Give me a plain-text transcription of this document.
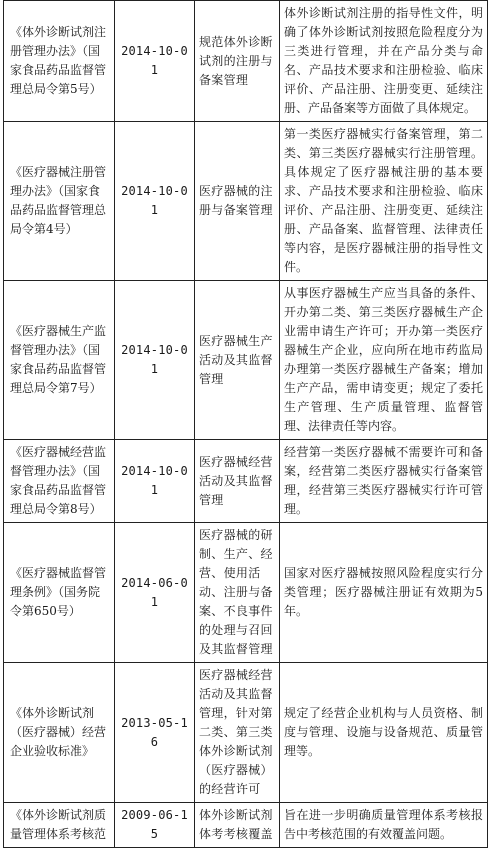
《体外诊断试剂注册管理办法》（国家食品药品监督管理总局令第5号）	2014-10-01	规范体外诊断试剂的注册与备案管理	体外诊断试剂注册的指导性文件，明确了体外诊断试剂按照危险程度分为三类进行管理，并在产品分类与命名、产品技术要求和注册检验、临床评价、产品注册、注册变更、延续注册、产品备案等方面做了具体规定。

《医疗器械注册管理办法》（国家食品药品监督管理总局令第4号）	2014-10-01	医疗器械的注册与备案管理	第一类医疗器械实行备案管理，第二类、第三类医疗器械实行注册管理。具体规定了医疗器械注册的基本要求、产品技术要求和注册检验、临床评价、产品注册、注册变更、延续注册、产品备案、监督管理、法律责任等内容，是医疗器械注册的指导性文件。

《医疗器械生产监督管理办法》（国家食品药品监督管理总局令第7号）	2014-10-01	医疗器械生产活动及其监督管理	从事医疗器械生产应当具备的条件、开办第二类、第三类医疗器械生产企业需申请生产许可；开办第一类医疗器械生产企业，应向所在地市药监局办理第一类医疗器械生产备案；增加生产产品，需申请变更；规定了委托生产管理、生产质量管理、监督管理、法律责任等内容。

《医疗器械经营监督管理办法》（国家食品药品监督管理总局令第8号）	2014-10-01	医疗器械经营活动及其监督管理	经营第一类医疗器械不需要许可和备案，经营第二类医疗器械实行备案管理，经营第三类医疗器械实行许可管理。

《医疗器械监督管理条例》（国务院令第650号）	2014-06-01	医疗器械的研制、生产、经营、使用活动、注册与备案、不良事件的处理与召回及其监督管理	国家对医疗器械按照风险程度实行分类管理；医疗器械注册证有效期为5年。

《体外诊断试剂（医疗器械）经营企业验收标准》	2013-05-16	医疗器械经营活动及其监督管理，针对第二类、第三类体外诊断试剂（医疗器械）的经营许可	规定了经营企业机构与人员资格、制度与管理、设施与设备规范、质量管理等。

《体外诊断试剂质量管理体系考核范	2009-06-15	体外诊断试剂体考考核覆盖	旨在进一步明确质量管理体系考核报告中考核范围的有效覆盖问题。
